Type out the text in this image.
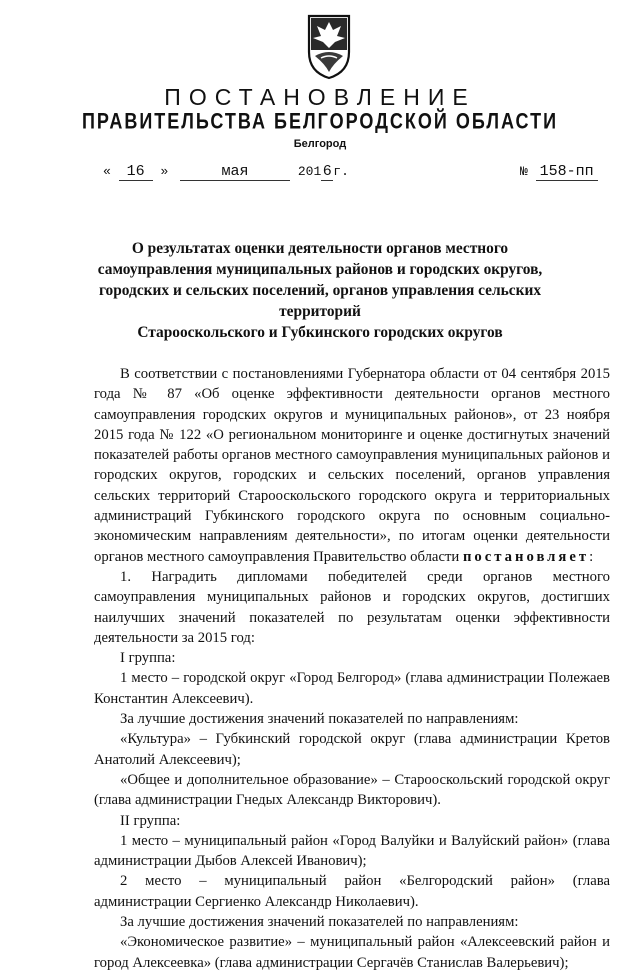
ПОСТАНОВЛЕНИЕ
ПРАВИТЕЛЬСТВА БЕЛГОРОДСКОЙ ОБЛАСТИ
Белгород
« 16 »	мая	2016 г.	№ 158-пп
О результатах оценки деятельности органов местного
самоуправления муниципальных районов и городских округов,
городских и сельских поселений, органов управления сельских территорий
Старооскольского и Губкинского городских округов

В соответствии с постановлениями Губернатора области от 04 сентября 2015 года № 87 «Об оценке эффективности деятельности органов местного самоуправления городских округов и муниципальных районов», от 23 ноября 2015 года № 122 «О региональном мониторинге и оценке достигнутых значений показателей работы органов местного самоуправления муниципальных районов и городских округов, городских и сельских поселений, органов управления сельских территорий Старооскольского городского округа и территориальных администраций Губкинского городского округа по основным социально-экономическим направлениям деятельности», по итогам оценки деятельности органов местного самоуправления Правительство области постановляет:

1. Наградить дипломами победителей среди органов местного самоуправления муниципальных районов и городских округов, достигших наилучших значений показателей по результатам оценки эффективности деятельности за 2015 год:

I группа:

1 место – городской округ «Город Белгород» (глава администрации Полежаев Константин Алексеевич).

За лучшие достижения значений показателей по направлениям:

«Культура» – Губкинский городской округ (глава администрации Кретов Анатолий Алексеевич);

«Общее и дополнительное образование» – Старооскольский городской округ (глава администрации Гнедых Александр Викторович).

II группа:

1 место – муниципальный район «Город Валуйки и Валуйский район» (глава администрации Дыбов Алексей Иванович);

2 место – муниципальный район «Белгородский район» (глава администрации Сергиенко Александр Николаевич).

За лучшие достижения значений показателей по направлениям:

«Экономическое развитие» – муниципальный район «Алексеевский район и город Алексеевка» (глава администрации Сергачёв Станислав Валерьевич);
